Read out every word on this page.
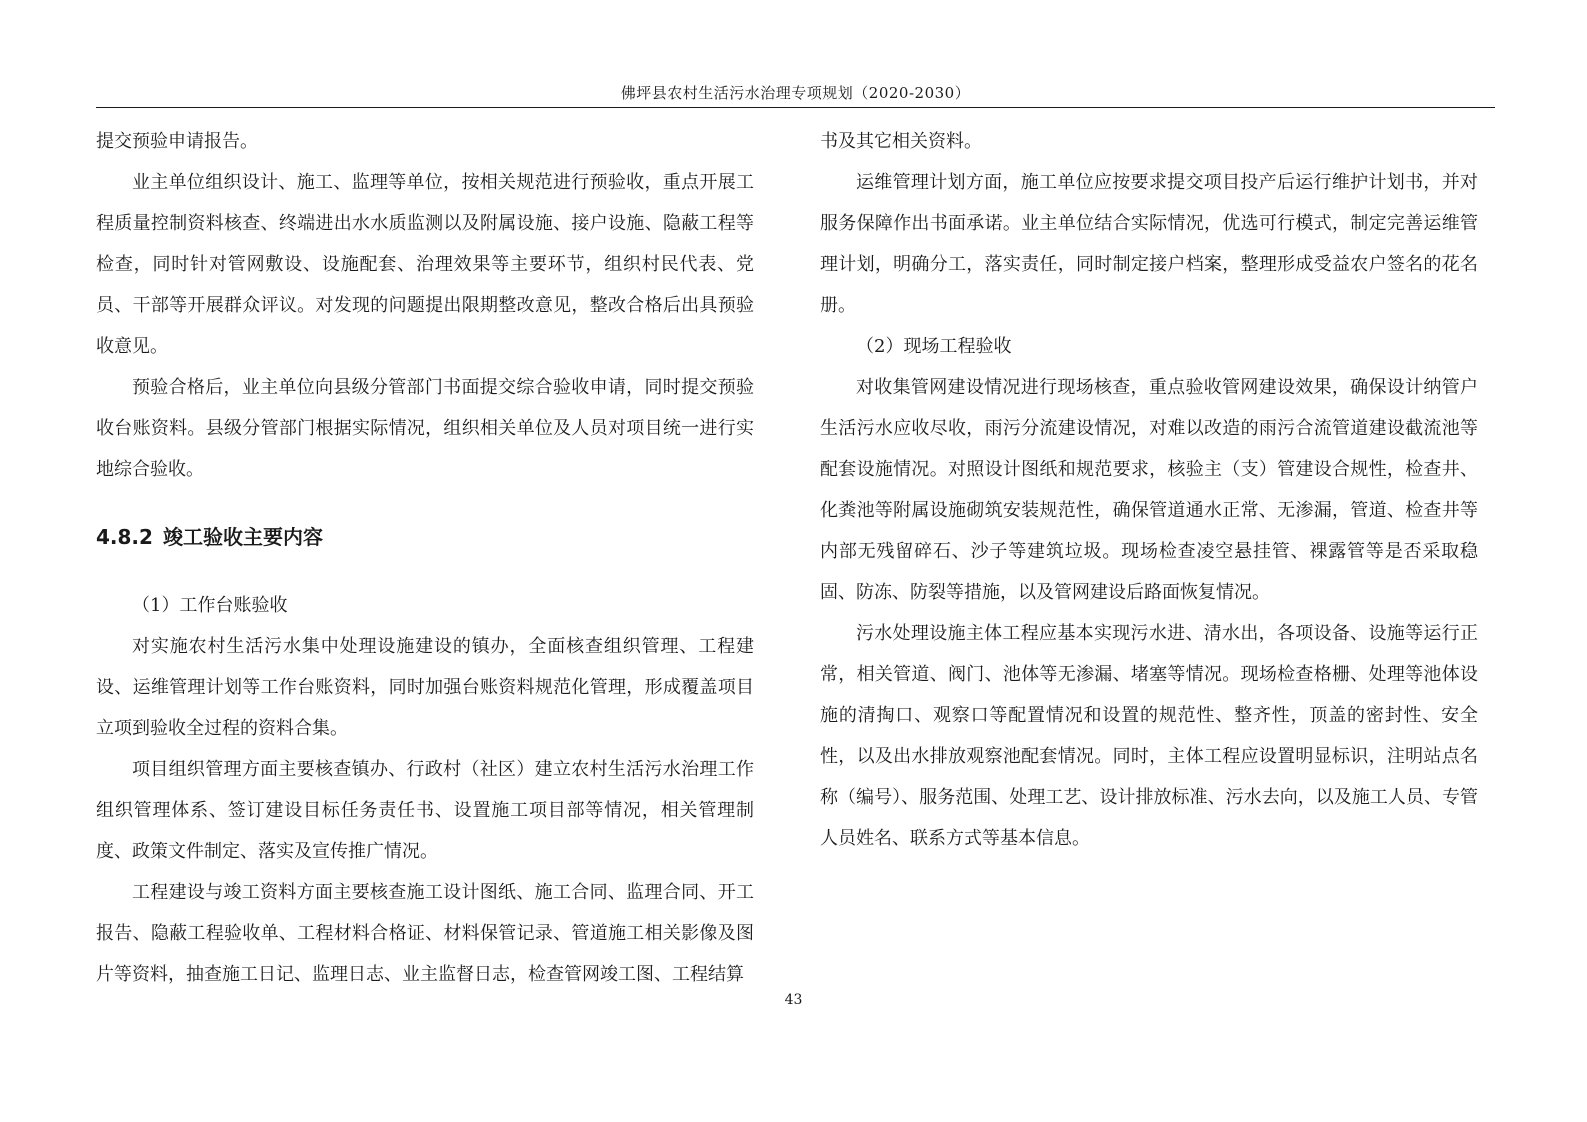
佛坪县农村生活污水治理专项规划（2020-2030）

提交预验申请报告。

业主单位组织设计、施工、监理等单位，按相关规范进行预验收，重点开展工程质量控制资料核查、终端进出水水质监测以及附属设施、接户设施、隐蔽工程等检查，同时针对管网敷设、设施配套、治理效果等主要环节，组织村民代表、党员、干部等开展群众评议。对发现的问题提出限期整改意见，整改合格后出具预验收意见。

预验合格后，业主单位向县级分管部门书面提交综合验收申请，同时提交预验收台账资料。县级分管部门根据实际情况，组织相关单位及人员对项目统一进行实地综合验收。

4.8.2 竣工验收主要内容

（1）工作台账验收

对实施农村生活污水集中处理设施建设的镇办，全面核查组织管理、工程建设、运维管理计划等工作台账资料，同时加强台账资料规范化管理，形成覆盖项目立项到验收全过程的资料合集。

项目组织管理方面主要核查镇办、行政村（社区）建立农村生活污水治理工作组织管理体系、签订建设目标任务责任书、设置施工项目部等情况，相关管理制度、政策文件制定、落实及宣传推广情况。

工程建设与竣工资料方面主要核查施工设计图纸、施工合同、监理合同、开工报告、隐蔽工程验收单、工程材料合格证、材料保管记录、管道施工相关影像及图片等资料，抽查施工日记、监理日志、业主监督日志，检查管网竣工图、工程结算

书及其它相关资料。

运维管理计划方面，施工单位应按要求提交项目投产后运行维护计划书，并对服务保障作出书面承诺。业主单位结合实际情况，优选可行模式，制定完善运维管理计划，明确分工，落实责任，同时制定接户档案，整理形成受益农户签名的花名册。

（2）现场工程验收

对收集管网建设情况进行现场核查，重点验收管网建设效果，确保设计纳管户生活污水应收尽收，雨污分流建设情况，对难以改造的雨污合流管道建设截流池等配套设施情况。对照设计图纸和规范要求，核验主（支）管建设合规性，检查井、化粪池等附属设施砌筑安装规范性，确保管道通水正常、无渗漏，管道、检查井等内部无残留碎石、沙子等建筑垃圾。现场检查凌空悬挂管、裸露管等是否采取稳固、防冻、防裂等措施，以及管网建设后路面恢复情况。

污水处理设施主体工程应基本实现污水进、清水出，各项设备、设施等运行正常，相关管道、阀门、池体等无渗漏、堵塞等情况。现场检查格栅、处理等池体设施的清掏口、观察口等配置情况和设置的规范性、整齐性，顶盖的密封性、安全性，以及出水排放观察池配套情况。同时，主体工程应设置明显标识，注明站点名称（编号）、服务范围、处理工艺、设计排放标准、污水去向，以及施工人员、专管人员姓名、联系方式等基本信息。

43
